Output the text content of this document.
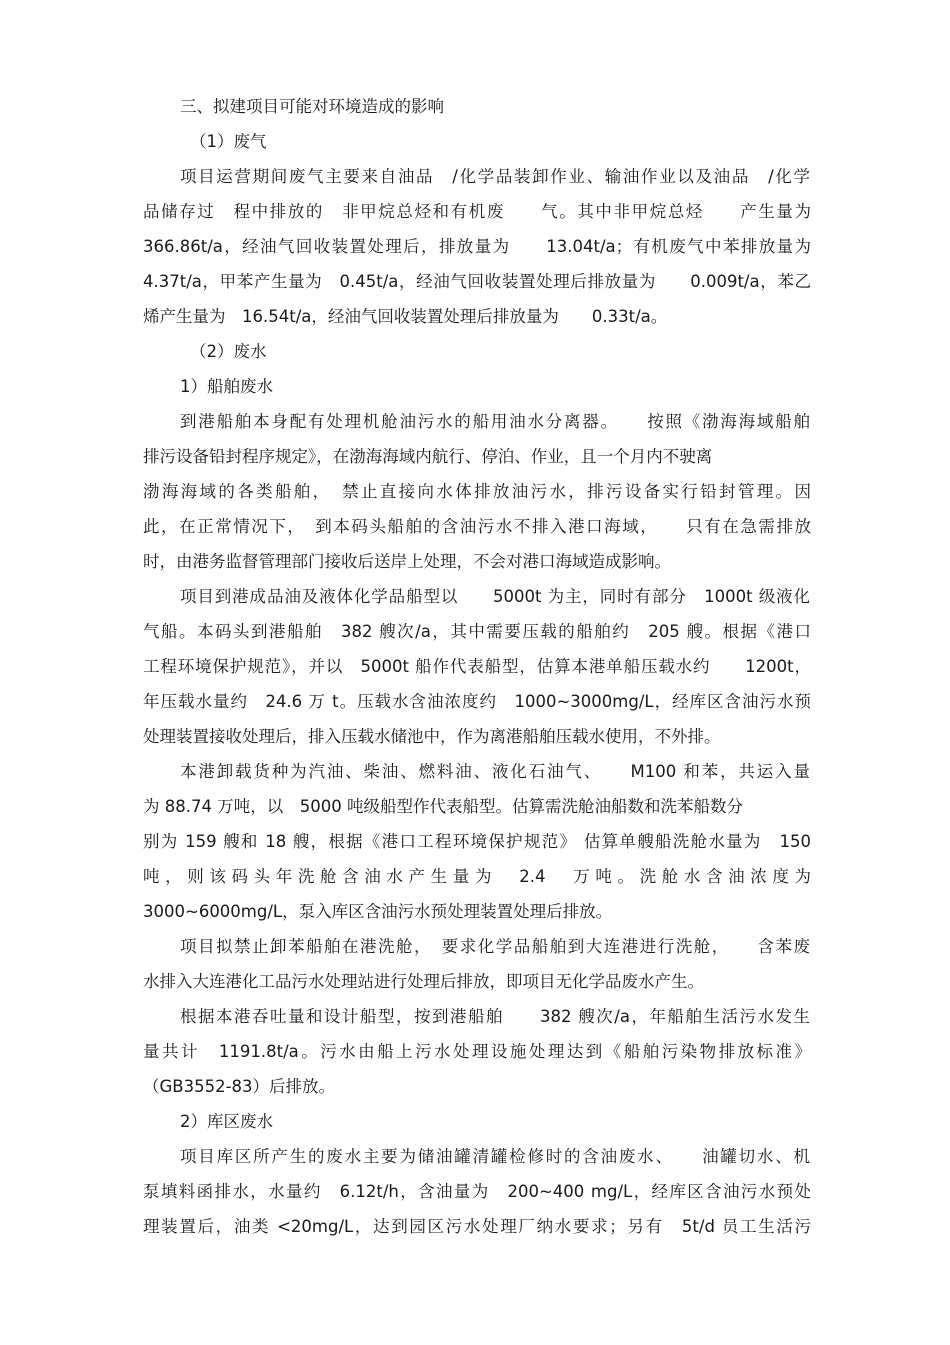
三、拟建项目可能对环境造成的影响
（1）废气
项目运营期间废气主要来自油品　/化学品装卸作业、输油作业以及油品　/化学
品储存过　程中排放的　非甲烷总烃和有机废　　气。其中非甲烷总烃　　产生量为
366.86t/a，经油气回收装置处理后，排放量为　　13.04t/a；有机废气中苯排放量为
4.37t/a，甲苯产生量为　0.45t/a，经油气回收装置处理后排放量为　　0.009t/a，苯乙
烯产生量为　16.54t/a，经油气回收装置处理后排放量为　　0.33t/a。
（2）废水
1）船舶废水
到港船舶本身配有处理机舱油污水的船用油水分离器。　　按照《渤海海域船舶
排污设备铅封程序规定》，在渤海海域内航行、停泊、作业，且一个月内不驶离
渤海海域的各类船舶，　禁止直接向水体排放油污水，排污设备实行铅封管理。因
此，在正常情况下，　到本码头船舶的含油污水不排入港口海域，　　只有在急需排放
时，由港务监督管理部门接收后送岸上处理，不会对港口海域造成影响。
项目到港成品油及液体化学品船型以　　5000t 为主，同时有部分　1000t 级液化
气船。本码头到港船舶　382 艘次/a，其中需要压载的船舶约　205 艘。根据《港口
工程环境保护规范》，并以　5000t 船作代表船型，估算本港单船压载水约　　1200t，
年压载水量约　24.6 万 t。压载水含油浓度约　1000~3000mg/L，经库区含油污水预
处理装置接收处理后，排入压载水储池中，作为离港船舶压载水使用，不外排。
本港卸载货种为汽油、柴油、燃料油、液化石油气、　　M100 和苯，共运入量
为 88.74 万吨，以　5000 吨级船型作代表船型。估算需洗舱油船数和洗苯船数分
别为 159 艘和 18 艘，根据《港口工程环境保护规范》 估算单艘船洗舱水量为　150
吨，则该码头年洗舱含油水产生量为　2.4　万吨。洗舱水含油浓度为
3000~6000mg/L，泵入库区含油污水预处理装置处理后排放。
项目拟禁止卸苯船舶在港洗舱，　要求化学品船舶到大连港进行洗舱，　　含苯废
水排入大连港化工品污水处理站进行处理后排放，即项目无化学品废水产生。
根据本港吞吐量和设计船型，按到港船舶　　382 艘次/a，年船舶生活污水发生
量共计　1191.8t/a。污水由船上污水处理设施处理达到《船舶污染物排放标准》
（GB3552-83）后排放。
2）库区废水
项目库区所产生的废水主要为储油罐清罐检修时的含油废水、　　油罐切水、机
泵填料函排水，水量约　6.12t/h，含油量为　200~400 mg/L，经库区含油污水预处
理装置后，油类 <20mg/L，达到园区污水处理厂纳水要求；另有　5t/d 员工生活污
